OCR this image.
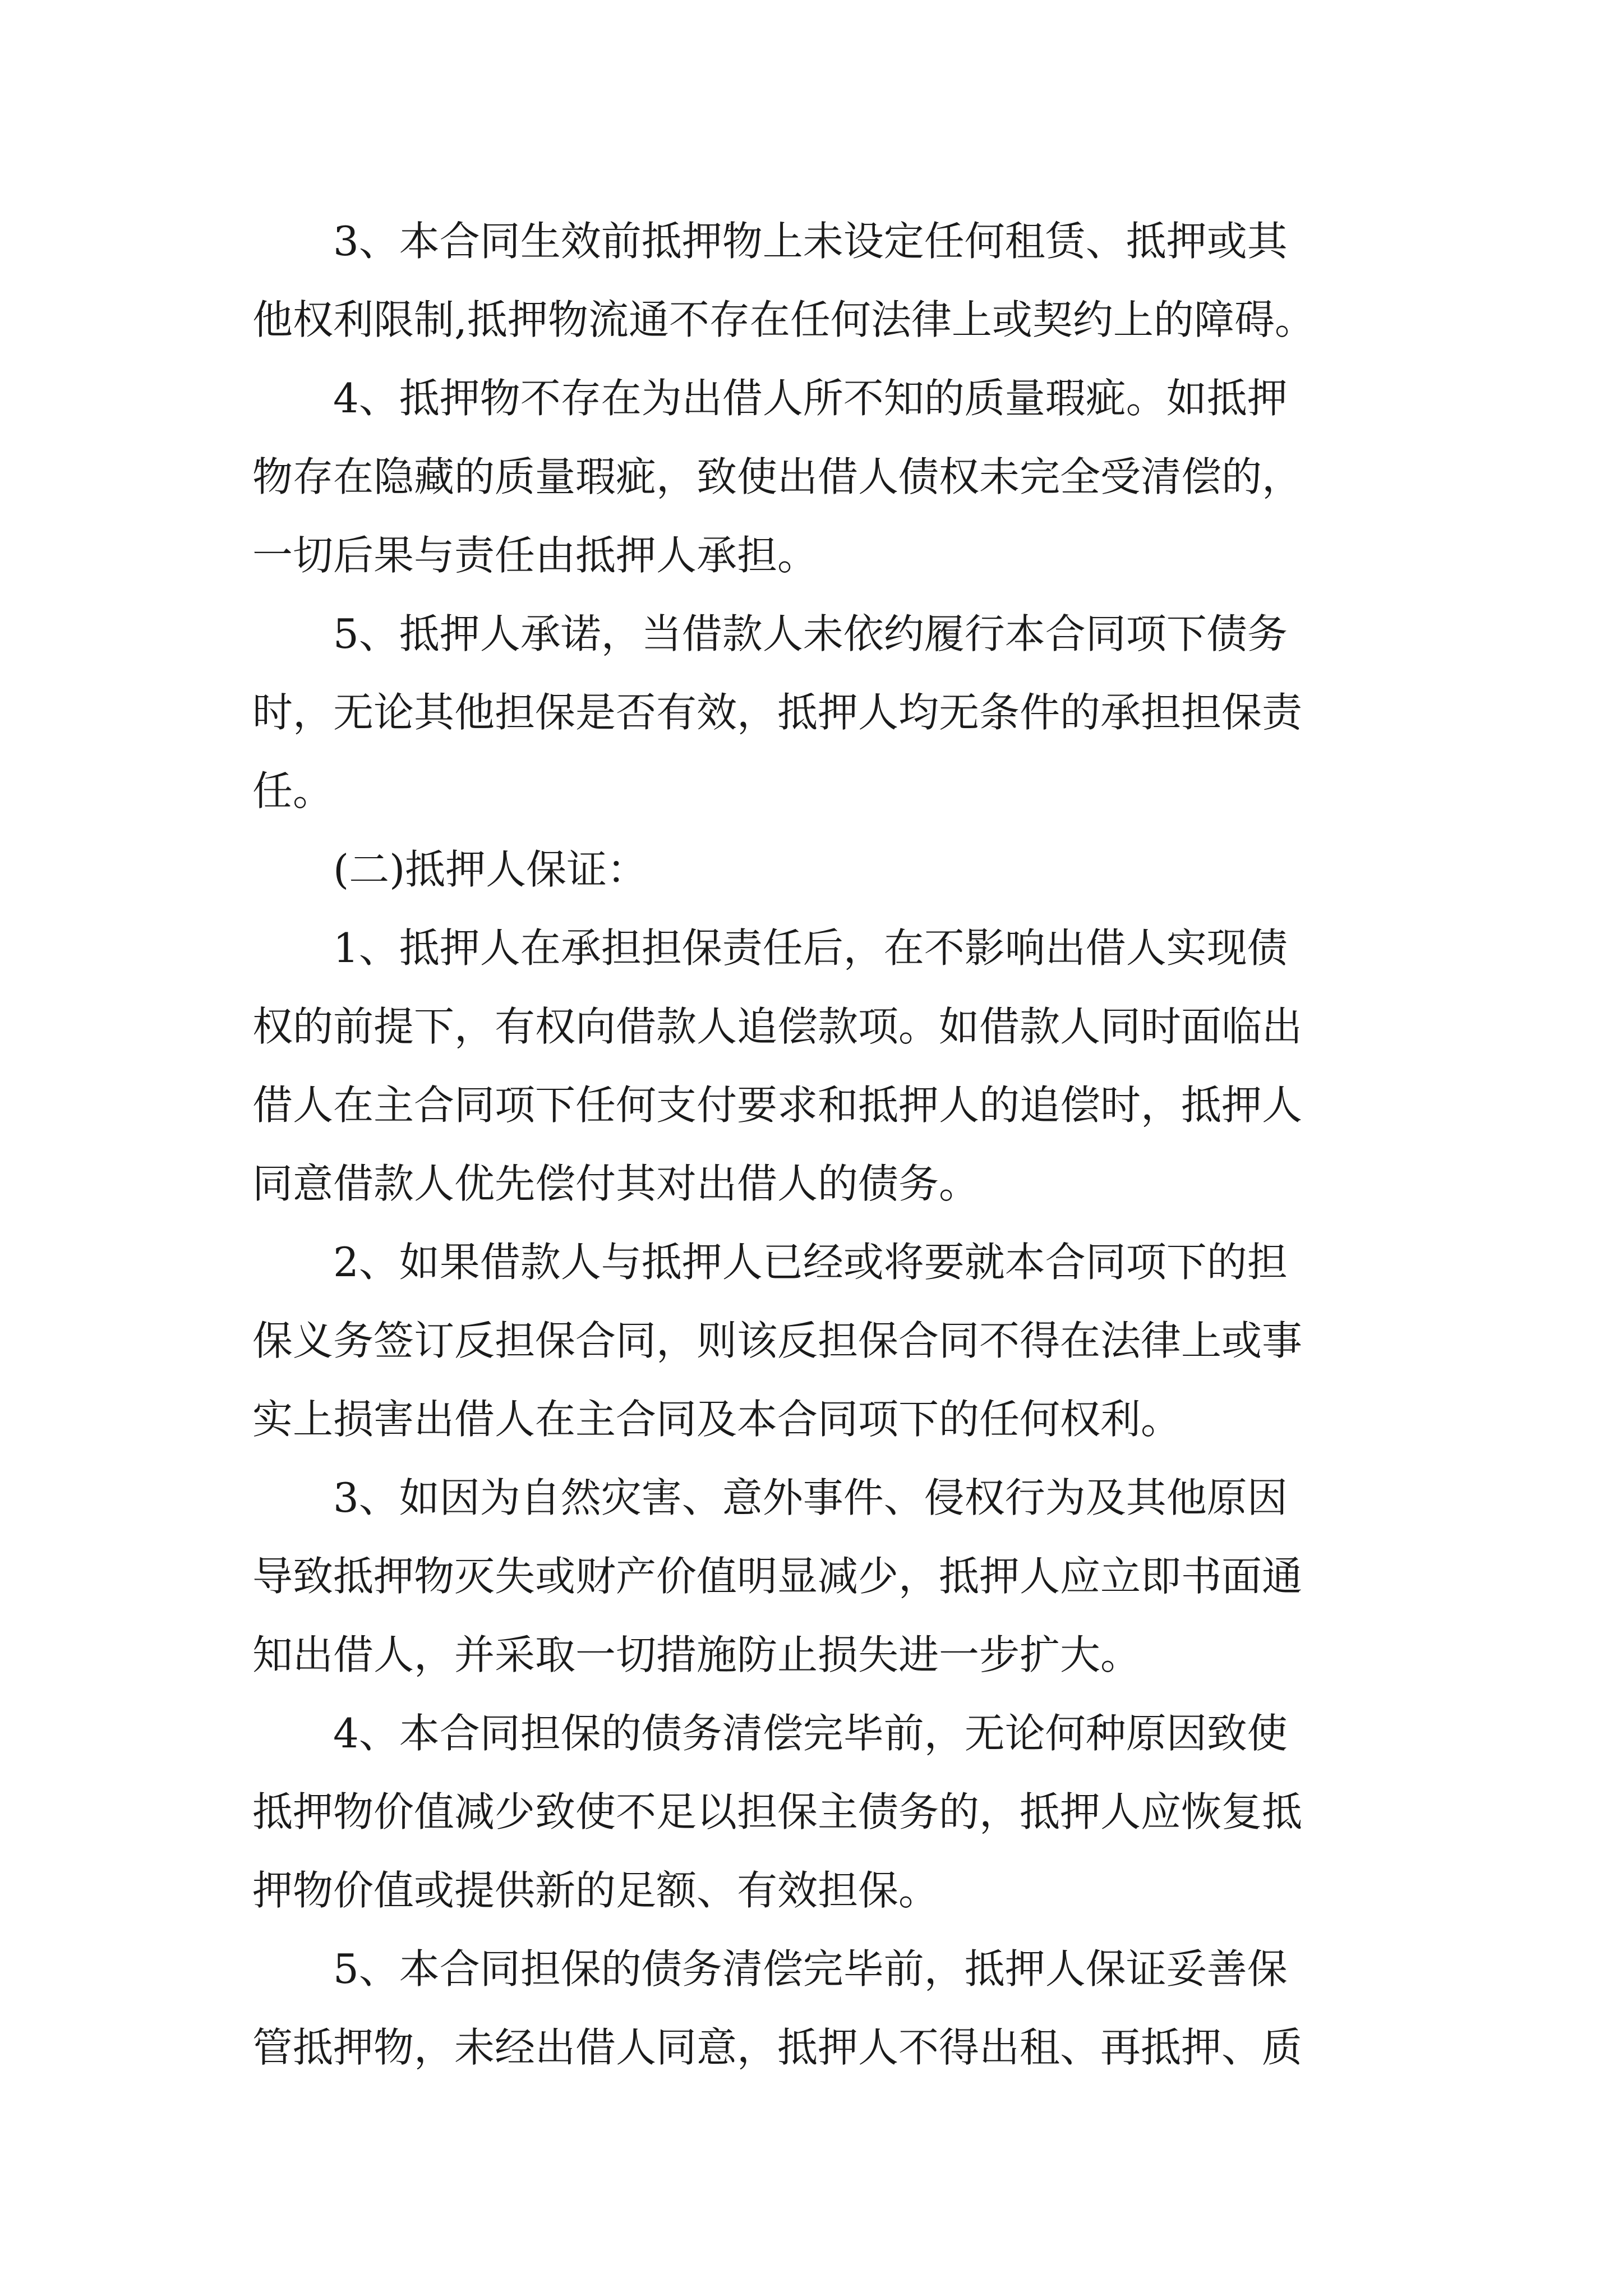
3、本合同生效前抵押物上未设定任何租赁、抵押或其
他权利限制,抵押物流通不存在任何法律上或契约上的障碍。
4、抵押物不存在为出借人所不知的质量瑕疵。如抵押
物存在隐藏的质量瑕疵，致使出借人债权未完全受清偿的，
一切后果与责任由抵押人承担。
5、抵押人承诺，当借款人未依约履行本合同项下债务
时，无论其他担保是否有效，抵押人均无条件的承担担保责
任。
(二)抵押人保证：
1、抵押人在承担担保责任后，在不影响出借人实现债
权的前提下，有权向借款人追偿款项。如借款人同时面临出
借人在主合同项下任何支付要求和抵押人的追偿时，抵押人
同意借款人优先偿付其对出借人的债务。
2、如果借款人与抵押人已经或将要就本合同项下的担
保义务签订反担保合同，则该反担保合同不得在法律上或事
实上损害出借人在主合同及本合同项下的任何权利。
3、如因为自然灾害、意外事件、侵权行为及其他原因
导致抵押物灭失或财产价值明显减少，抵押人应立即书面通
知出借人，并采取一切措施防止损失进一步扩大。
4、本合同担保的债务清偿完毕前，无论何种原因致使
抵押物价值减少致使不足以担保主债务的，抵押人应恢复抵
押物价值或提供新的足额、有效担保。
5、本合同担保的债务清偿完毕前，抵押人保证妥善保
管抵押物，未经出借人同意，抵押人不得出租、再抵押、质
